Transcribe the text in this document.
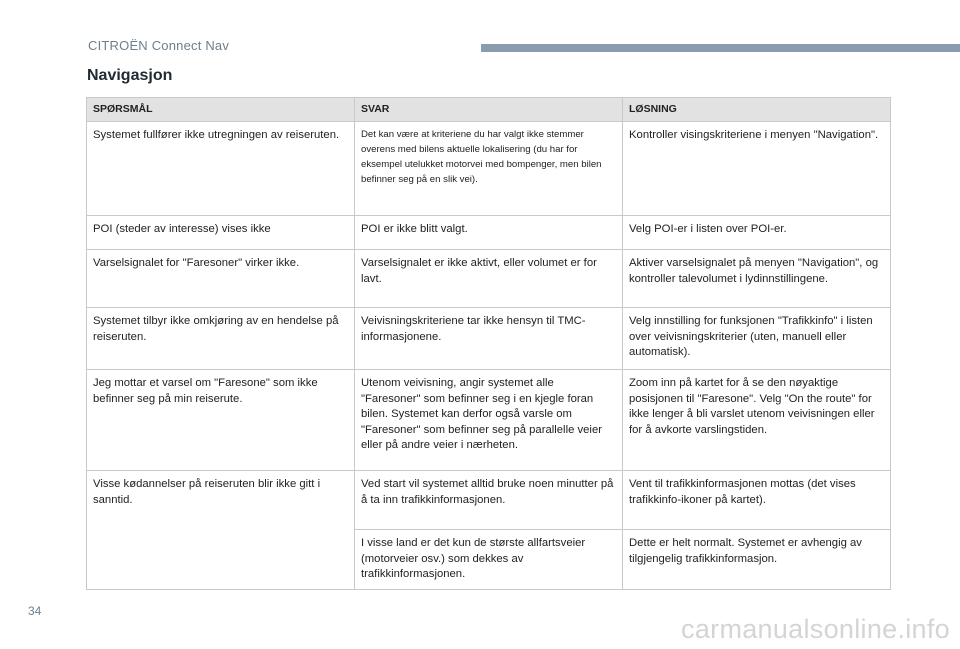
CITROËN Connect Nav
Navigasjon
SPØRSMÅL	SVAR	LØSNING
Systemet fullfører ikke utregningen av reiseruten.	Det kan være at kriteriene du har valgt ikke stemmer overens med bilens aktuelle lokalisering (du har for eksempel utelukket motorvei med bompenger, men bilen befinner seg på en slik vei).	Kontroller visingskriteriene i menyen "Navigation".
POI (steder av interesse) vises ikke	POI er ikke blitt valgt.	Velg POI-er i listen over POI-er.
Varselsignalet for "Faresoner" virker ikke.	Varselsignalet er ikke aktivt, eller volumet er for lavt.	Aktiver varselsignalet på menyen "Navigation", og kontroller talevolumet i lydinnstillingene.
Systemet tilbyr ikke omkjøring av en hendelse på reiseruten.	Veivisningskriteriene tar ikke hensyn til TMC-informasjonene.	Velg innstilling for funksjonen "Trafikkinfo" i listen over veivisningskriterier (uten, manuell eller automatisk).
Jeg mottar et varsel om "Faresone" som ikke befinner seg på min reiserute.	Utenom veivisning, angir systemet alle "Faresoner" som befinner seg i en kjegle foran bilen. Systemet kan derfor også varsle om "Faresoner" som befinner seg på parallelle veier eller på andre veier i nærheten.	Zoom inn på kartet for å se den nøyaktige posisjonen til "Faresone". Velg "On the route" for ikke lenger å bli varslet utenom veivisningen eller for å avkorte varslingstiden.
Visse kødannelser på reiseruten blir ikke gitt i sanntid.	Ved start vil systemet alltid bruke noen minutter på å ta inn trafikkinformasjonen.	Vent til trafikkinformasjonen mottas (det vises trafikkinfo-ikoner på kartet).
	I visse land er det kun de største allfartsveier (motorveier osv.) som dekkes av trafikkinformasjonen.	Dette er helt normalt. Systemet er avhengig av tilgjengelig trafikkinformasjon.
34
carmanualsonline.info
